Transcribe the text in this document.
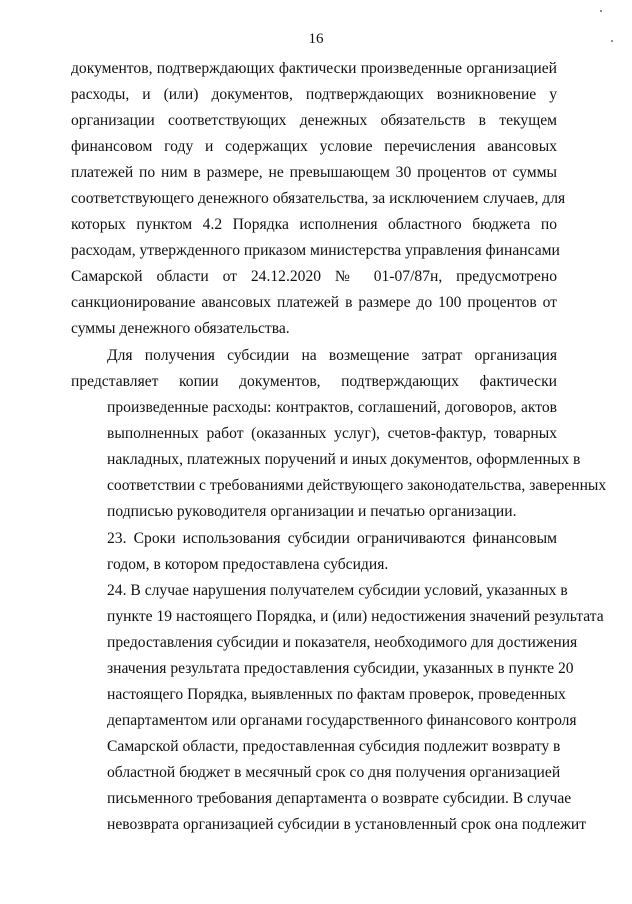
16
документов, подтверждающих фактически произведенные организацией
расходы, и (или) документов, подтверждающих возникновение у
организации соответствующих денежных обязательств в текущем
финансовом году и содержащих условие перечисления авансовых
платежей по ним в размере, не превышающем 30 процентов от суммы
соответствующего денежного обязательства, за исключением случаев, для
которых пунктом 4.2 Порядка исполнения областного бюджета по
расходам, утвержденного приказом министерства управления финансами
Самарской области от 24.12.2020 № 01-07/87н, предусмотрено
санкционирование авансовых платежей в размере до 100 процентов от
суммы денежного обязательства.
Для получения субсидии на возмещение затрат организация
представляет копии документов, подтверждающих фактически
произведенные расходы: контрактов, соглашений, договоров, актов
выполненных работ (оказанных услуг), счетов-фактур, товарных
накладных, платежных поручений и иных документов, оформленных в
соответствии с требованиями действующего законодательства, заверенных
подписью руководителя организации и печатью организации.
23. Сроки использования субсидии ограничиваются финансовым
годом, в котором предоставлена субсидия.
24. В случае нарушения получателем субсидии условий, указанных в
пункте 19 настоящего Порядка, и (или) недостижения значений результата
предоставления субсидии и показателя, необходимого для достижения
значения результата предоставления субсидии, указанных в пункте 20
настоящего Порядка, выявленных по фактам проверок, проведенных
департаментом или органами государственного финансового контроля
Самарской области, предоставленная субсидия подлежит возврату в
областной бюджет в месячный срок со дня получения организацией
письменного требования департамента о возврате субсидии. В случае
невозврата организацией субсидии в установленный срок она подлежит
